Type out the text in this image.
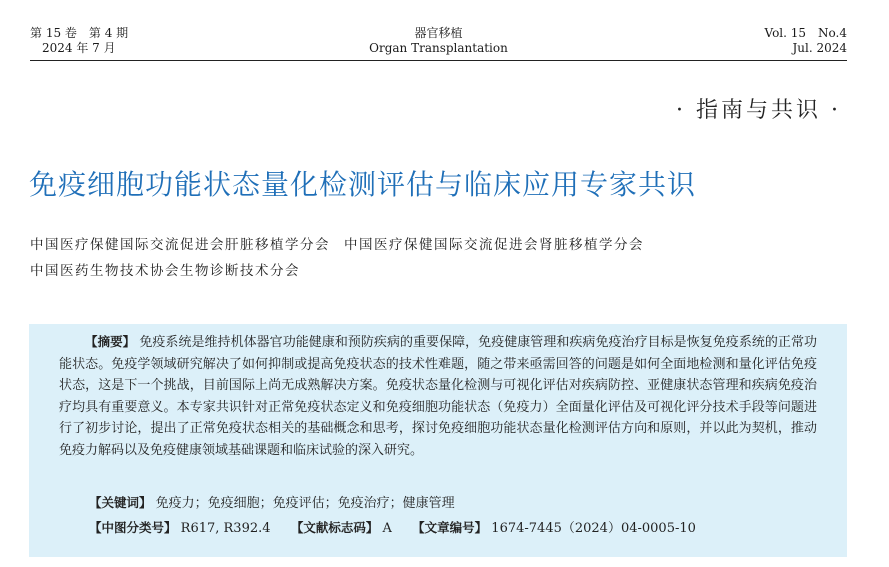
第 15 卷　第 4 期
2024 年 7 月
器官移植
Organ Transplantation
Vol. 15　No.4
Jul. 2024
· 指南与共识 ·
免疫细胞功能状态量化检测评估与临床应用专家共识
中国医疗保健国际交流促进会肝脏移植学分会 中国医疗保健国际交流促进会肾脏移植学分会
中国医药生物技术协会生物诊断技术分会
【摘要】 免疫系统是维持机体器官功能健康和预防疾病的重要保障，免疫健康管理和疾病免疫治疗目标是恢复免疫系统的正常功能状态。免疫学领域研究解决了如何抑制或提高免疫状态的技术性难题，随之带来亟需回答的问题是如何全面地检测和量化评估免疫状态，这是下一个挑战，目前国际上尚无成熟解决方案。免疫状态量化检测与可视化评估对疾病防控、亚健康状态管理和疾病免疫治疗均具有重要意义。本专家共识针对正常免疫状态定义和免疫细胞功能状态（免疫力）全面量化评估及可视化评分技术手段等问题进行了初步讨论，提出了正常免疫状态相关的基础概念和思考，探讨免疫细胞功能状态量化检测评估方向和原则，并以此为契机，推动免疫力解码以及免疫健康领域基础课题和临床试验的深入研究。
【关键词】 免疫力；免疫细胞；免疫评估；免疫治疗；健康管理
【中图分类号】 R617, R392.4 【文献标志码】 A 【文章编号】 1674-7445（2024）04-0005-10
